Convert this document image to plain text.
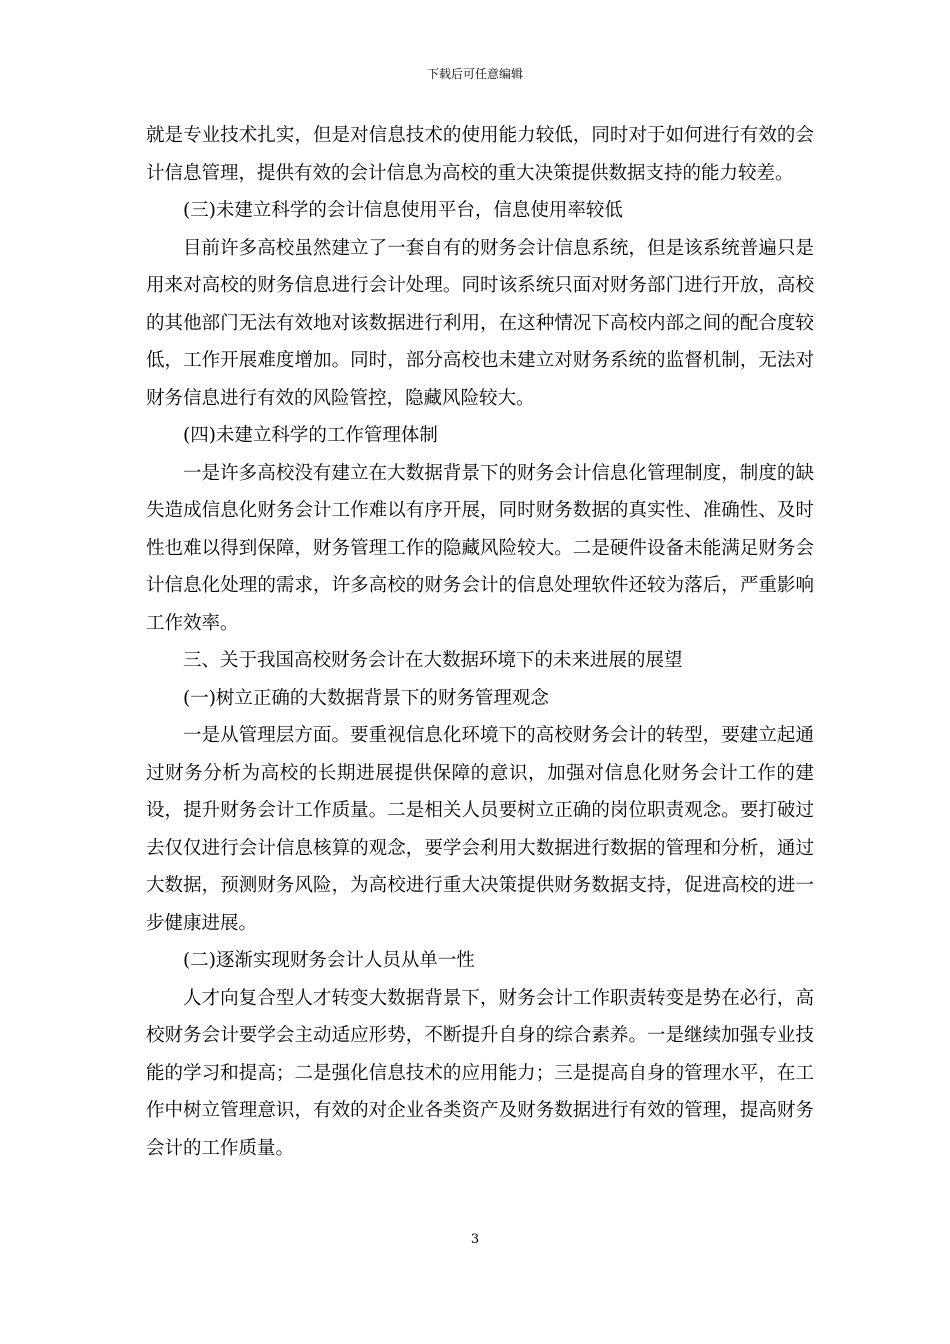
下载后可任意编辑

就是专业技术扎实，但是对信息技术的使用能力较低，同时对于如何进行有效的会计信息管理，提供有效的会计信息为高校的重大决策提供数据支持的能力较差。

(三)未建立科学的会计信息使用平台，信息使用率较低

目前许多高校虽然建立了一套自有的财务会计信息系统，但是该系统普遍只是用来对高校的财务信息进行会计处理。同时该系统只面对财务部门进行开放，高校的其他部门无法有效地对该数据进行利用，在这种情况下高校内部之间的配合度较低，工作开展难度增加。同时，部分高校也未建立对财务系统的监督机制，无法对财务信息进行有效的风险管控，隐藏风险较大。

(四)未建立科学的工作管理体制

一是许多高校没有建立在大数据背景下的财务会计信息化管理制度，制度的缺失造成信息化财务会计工作难以有序开展，同时财务数据的真实性、准确性、及时性也难以得到保障，财务管理工作的隐藏风险较大。二是硬件设备未能满足财务会计信息化处理的需求，许多高校的财务会计的信息处理软件还较为落后，严重影响工作效率。

三、关于我国高校财务会计在大数据环境下的未来进展的展望

(一)树立正确的大数据背景下的财务管理观念

一是从管理层方面。要重视信息化环境下的高校财务会计的转型，要建立起通过财务分析为高校的长期进展提供保障的意识，加强对信息化财务会计工作的建设，提升财务会计工作质量。二是相关人员要树立正确的岗位职责观念。要打破过去仅仅进行会计信息核算的观念，要学会利用大数据进行数据的管理和分析，通过大数据，预测财务风险，为高校进行重大决策提供财务数据支持，促进高校的进一步健康进展。

(二)逐渐实现财务会计人员从单一性

人才向复合型人才转变大数据背景下，财务会计工作职责转变是势在必行，高校财务会计要学会主动适应形势，不断提升自身的综合素养。一是继续加强专业技能的学习和提高；二是强化信息技术的应用能力；三是提高自身的管理水平，在工作中树立管理意识，有效的对企业各类资产及财务数据进行有效的管理，提高财务会计的工作质量。

3
